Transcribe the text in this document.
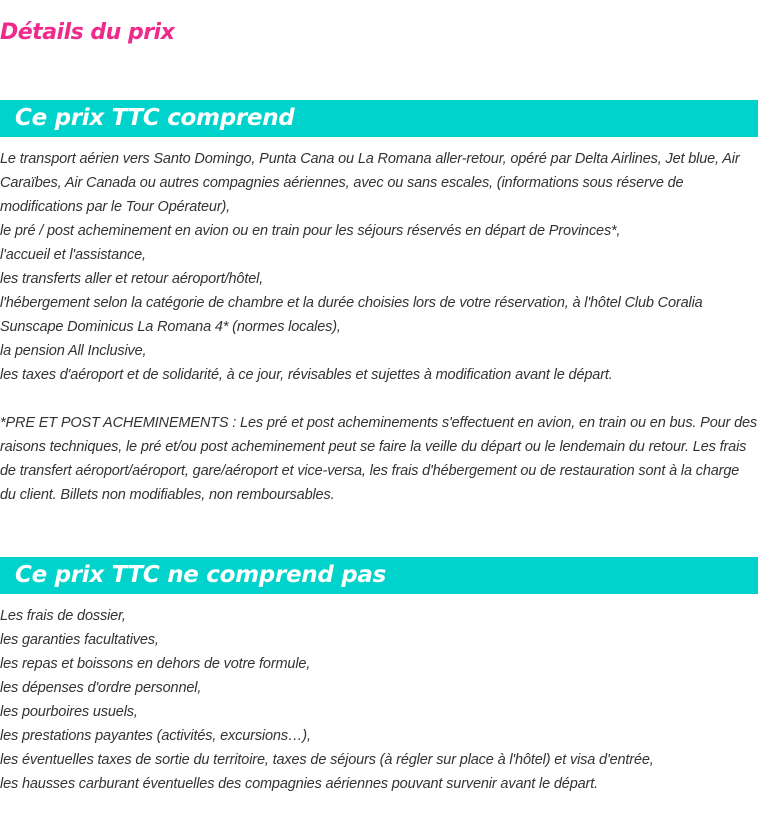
Détails du prix
Ce prix TTC comprend
Le transport aérien vers Santo Domingo, Punta Cana ou La Romana aller-retour, opéré par Delta Airlines, Jet blue, Air Caraïbes, Air Canada ou autres compagnies aériennes, avec ou sans escales, (informations sous réserve de modifications par le Tour Opérateur),
le pré / post acheminement en avion ou en train pour les séjours réservés en départ de Provinces*,
l'accueil et l'assistance,
les transferts aller et retour aéroport/hôtel,
l'hébergement selon la catégorie de chambre et la durée choisies lors de votre réservation, à l'hôtel Club Coralia Sunscape Dominicus La Romana 4* (normes locales),
la pension All Inclusive,
les taxes d'aéroport et de solidarité, à ce jour, révisables et sujettes à modification avant le départ.

*PRE ET POST ACHEMINEMENTS : Les pré et post acheminements s'effectuent en avion, en train ou en bus. Pour des raisons techniques, le pré et/ou post acheminement peut se faire la veille du départ ou le lendemain du retour. Les frais de transfert aéroport/aéroport, gare/aéroport et vice-versa, les frais d'hébergement ou de restauration sont à la charge du client. Billets non modifiables, non remboursables.

Ce prix TTC ne comprend pas
Les frais de dossier,
les garanties facultatives,
les repas et boissons en dehors de votre formule,
les dépenses d'ordre personnel,
les pourboires usuels,
les prestations payantes (activités, excursions…),
les éventuelles taxes de sortie du territoire, taxes de séjours (à régler sur place à l'hôtel) et visa d'entrée,
les hausses carburant éventuelles des compagnies aériennes pouvant survenir avant le départ.
